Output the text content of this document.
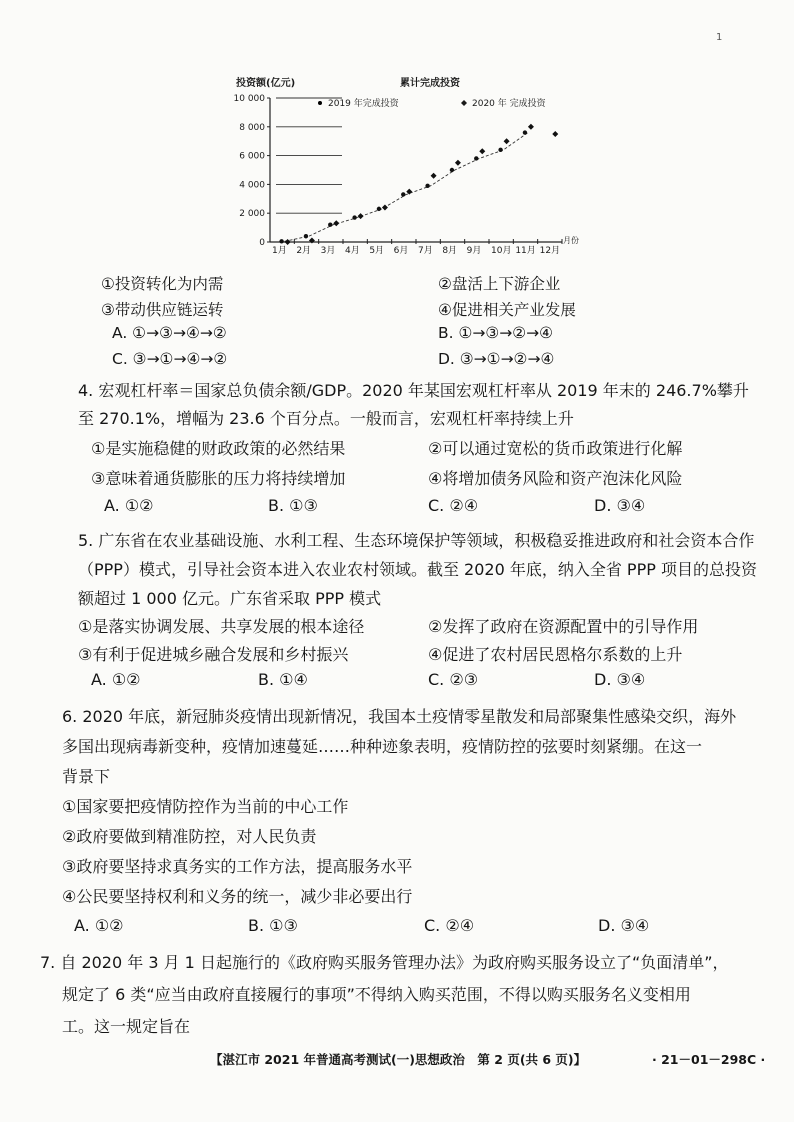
1
0
2 000
4 000
6 000
8 000
10 000
投资额(亿元)	累计完成投资
1月 2月 3月 4月 5月 6月 7月 8月 9月 10月 11月 12月
月份
2019 年完成投资	2020 年 完成投资
①投资转化为内需	②盘活上下游企业
③带动供应链运转	④促进相关产业发展
A. ①→③→④→②	B. ①→③→②→④
C. ③→①→④→②	D. ③→①→②→④
4. 宏观杠杆率＝国家总负债余额/GDP。2020 年某国宏观杠杆率从 2019 年末的 246.7%攀升
至 270.1%，增幅为 23.6 个百分点。一般而言，宏观杠杆率持续上升
①是实施稳健的财政政策的必然结果	②可以通过宽松的货币政策进行化解
③意味着通货膨胀的压力将持续增加	④将增加债务风险和资产泡沫化风险
A. ①②	B. ①③	C. ②④	D. ③④
5. 广东省在农业基础设施、水利工程、生态环境保护等领域，积极稳妥推进政府和社会资本合作
（PPP）模式，引导社会资本进入农业农村领域。截至 2020 年底，纳入全省 PPP 项目的总投资
额超过 1 000 亿元。广东省采取 PPP 模式
①是落实协调发展、共享发展的根本途径	②发挥了政府在资源配置中的引导作用
③有利于促进城乡融合发展和乡村振兴	④促进了农村居民恩格尔系数的上升
A. ①②	B. ①④	C. ②③	D. ③④
6. 2020 年底，新冠肺炎疫情出现新情况，我国本土疫情零星散发和局部聚集性感染交织，海外
多国出现病毒新变种，疫情加速蔓延……种种迹象表明，疫情防控的弦要时刻紧绷。在这一
背景下
①国家要把疫情防控作为当前的中心工作
②政府要做到精准防控，对人民负责
③政府要坚持求真务实的工作方法，提高服务水平
④公民要坚持权利和义务的统一，减少非必要出行
A. ①②	B. ①③	C. ②④	D. ③④
7. 自 2020 年 3 月 1 日起施行的《政府购买服务管理办法》为政府购买服务设立了“负面清单”，
规定了 6 类“应当由政府直接履行的事项”不得纳入购买范围，不得以购买服务名义变相用
工。这一规定旨在
【湛江市 2021 年普通高考测试(一)思想政治　第 2 页(共 6 页)】	· 21－01－298C ·
